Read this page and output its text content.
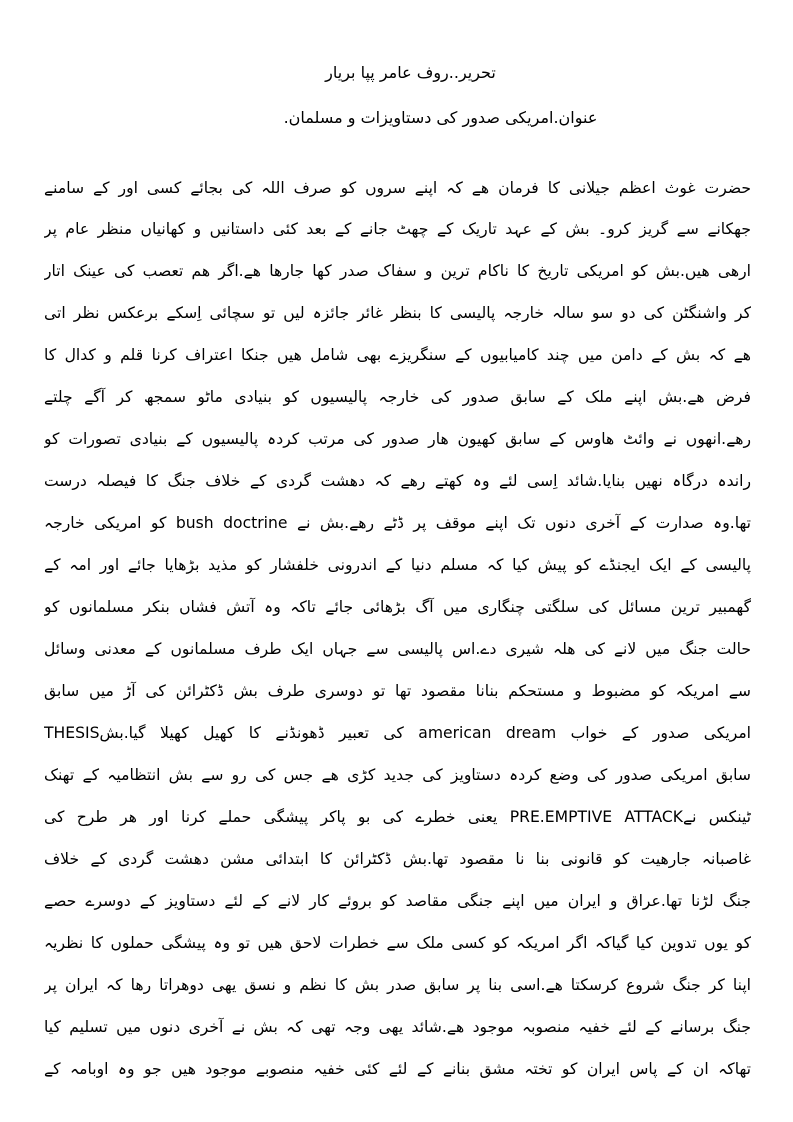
تحریر..روف عامر پپا بریار
عنوان.امریکی صدور کی دستاویزات و مسلمان.
حضرت غوث اعظم جیلانی کا فرمان ھے کہ اپنے سروں کو صرف اللہ کی بجائے کسی اور کے سامنے
جھکانے سے گریز کرو۔ بش کے عہد تاریک کے چھٹ جانے کے بعد کئی داستانیں و کھانیاں منظر عام پر
ارھی ھیں.بش کو امریکی تاریخ کا ناکام ترین و سفاک صدر کھا جارھا ھے.اگر ھم تعصب کی عینک اتار
کر واشنگٹن کی دو سو سالہ خارجہ پالیسی کا بنظر غائر جائزہ لیں تو سچائی اِسکے برعکس نظر اتی
ھے کہ بش کے دامن میں چند کامیابیوں کے سنگریزے بھی شامل ھیں جنکا اعتراف کرنا قلم و کدال کا
فرض ھے.بش اپنے ملک کے سابق صدور کی خارجہ پالیسیوں کو بنیادی ماٹو سمجھ کر آگے چلتے
رھے.انھوں نے وائٹ ھاوس کے سابق کھیون ھار صدور کی مرتب کردہ پالیسیوں کے بنیادی تصورات کو
راندہ درگاہ نھیں بنایا.شائد اِسی لئے وہ کھتے رھے کہ دھشت گردی کے خلاف جنگ کا فیصلہ درست
تھا.وہ صدارت کے آخری دنوں تک اپنے موقف پر ڈٹے رھے.بش نے bush doctrine کو امریکی خارجہ
پالیسی کے ایک ایجنڈے کو پیش کیا کہ مسلم دنیا کے اندرونی خلفشار کو مذید بڑھایا جائے اور امہ کے
گھمبیر ترین مسائل کی سلگتی چنگاری میں آگ بڑھائی جائے تاکہ وہ آتش فشاں بنکر مسلمانوں کو
حالت جنگ میں لانے کی ھلہ شیری دے.اس پالیسی سے جہاں ایک طرف مسلمانوں کے معدنی وسائل
سے امریکہ کو مضبوط و مستحکم بنانا مقصود تھا تو دوسری طرف بش ڈکٹرائن کی آڑ میں سابق
امریکی صدور کے خواب american dream کی تعبیر ڈھونڈنے کا کھیل کھیلا گیا.بشTHESIS
سابق امریکی صدور کی وضع کردہ دستاویز کی جدید کڑی ھے جس کی رو سے بش انتظامیہ کے تھنک
ٹینکس نےPRE.EMPTIVE ATTACK یعنی خطرے کی بو پاکر پیشگی حملے کرنا اور ھر طرح کی
غاصبانہ جارھیت کو قانونی بنا نا مقصود تھا.بش ڈکٹرائن کا ابتدائی مشن دھشت گردی کے خلاف
جنگ لڑنا تھا.عراق و ایران میں اپنے جنگی مقاصد کو بروئے کار لانے کے لئے دستاویز کے دوسرے حصے
کو یوں تدوین کیا گیاکہ اگر امریکہ کو کسی ملک سے خطرات لاحق ھیں تو وہ پیشگی حملوں کا نظریہ
اپنا کر جنگ شروع کرسکتا ھے.اسی بنا پر سابق صدر بش کا نظم و نسق یھی دوھراتا رھا کہ ایران پر
جنگ برسانے کے لئے خفیہ منصوبہ موجود ھے.شائد یھی وجہ تھی کہ بش نے آخری دنوں میں تسلیم کیا
تھاکہ ان کے پاس ایران کو تختہ مشق بنانے کے لئے کئی خفیہ منصوبے موجود ھیں جو وہ اوبامہ کے
